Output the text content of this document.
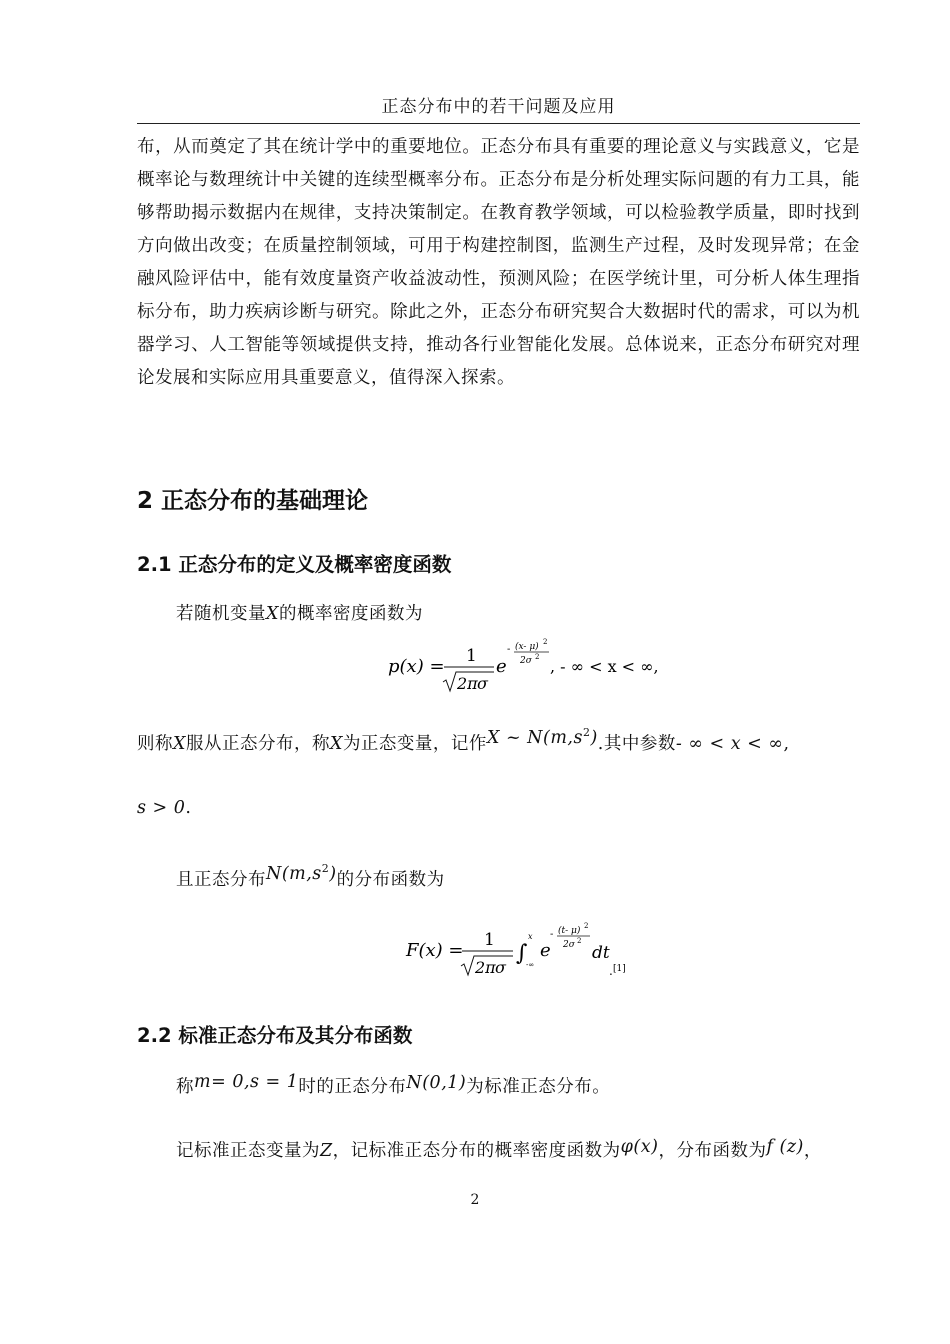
正态分布中的若干问题及应用

布，从而奠定了其在统计学中的重要地位。正态分布具有重要的理论意义与实践意义，它是概率论与数理统计中关键的连续型概率分布。正态分布是分析处理实际问题的有力工具，能够帮助揭示数据内在规律，支持决策制定。在教育教学领域，可以检验教学质量，即时找到方向做出改变；在质量控制领域，可用于构建控制图，监测生产过程，及时发现异常；在金融风险评估中，能有效度量资产收益波动性，预测风险；在医学统计里，可分析人体生理指标分布，助力疾病诊断与研究。除此之外，正态分布研究契合大数据时代的需求，可以为机器学习、人工智能等领域提供支持，推动各行业智能化发展。总体说来，正态分布研究对理论发展和实际应用具重要意义，值得深入探索。

2 正态分布的基础理论
2.1 正态分布的定义及概率密度函数
若随机变量X的概率密度函数为
p(x) = 1
2π σ
e
- (x- μ) 2
2σ 2 , - ∞ < x < ∞,
则称X服从正态分布，称X为正态变量，记作X ~ $N(m,s^2)$.其中参数- ∞ < x < ∞,
s > 0.
且正态分布$N(m,s^2)$的分布函数为
F(x) = 1
2π σ
∫
x
-∞
e
- (t- μ) 2
2σ 2
dt
. [1]
2.2 标准正态分布及其分布函数
称m= 0,s = 1时的正态分布N(0,1)为标准正态分布。
记标准正态变量为Z，记标准正态分布的概率密度函数为φ(x)，分布函数为f (z)，
2
